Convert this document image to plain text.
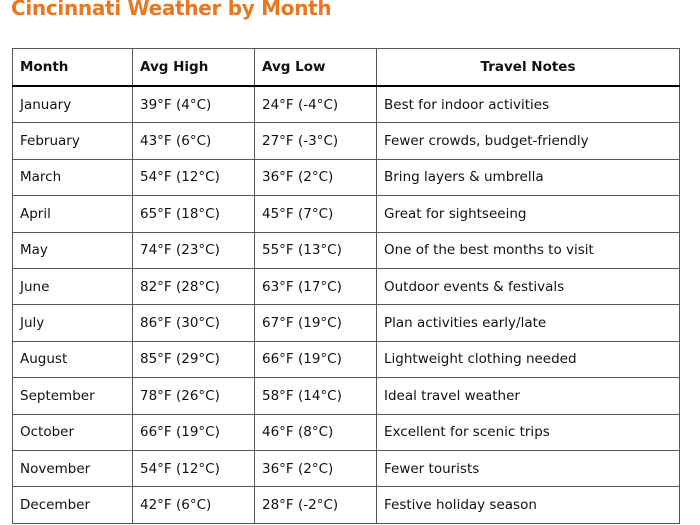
Cincinnati Weather by Month
Month	Avg High	Avg Low	Travel Notes
January	39°F (4°C)	24°F (-4°C)	Best for indoor activities
February	43°F (6°C)	27°F (-3°C)	Fewer crowds, budget-friendly
March	54°F (12°C)	36°F (2°C)	Bring layers & umbrella
April	65°F (18°C)	45°F (7°C)	Great for sightseeing
May	74°F (23°C)	55°F (13°C)	One of the best months to visit
June	82°F (28°C)	63°F (17°C)	Outdoor events & festivals
July	86°F (30°C)	67°F (19°C)	Plan activities early/late
August	85°F (29°C)	66°F (19°C)	Lightweight clothing needed
September	78°F (26°C)	58°F (14°C)	Ideal travel weather
October	66°F (19°C)	46°F (8°C)	Excellent for scenic trips
November	54°F (12°C)	36°F (2°C)	Fewer tourists
December	42°F (6°C)	28°F (-2°C)	Festive holiday season
